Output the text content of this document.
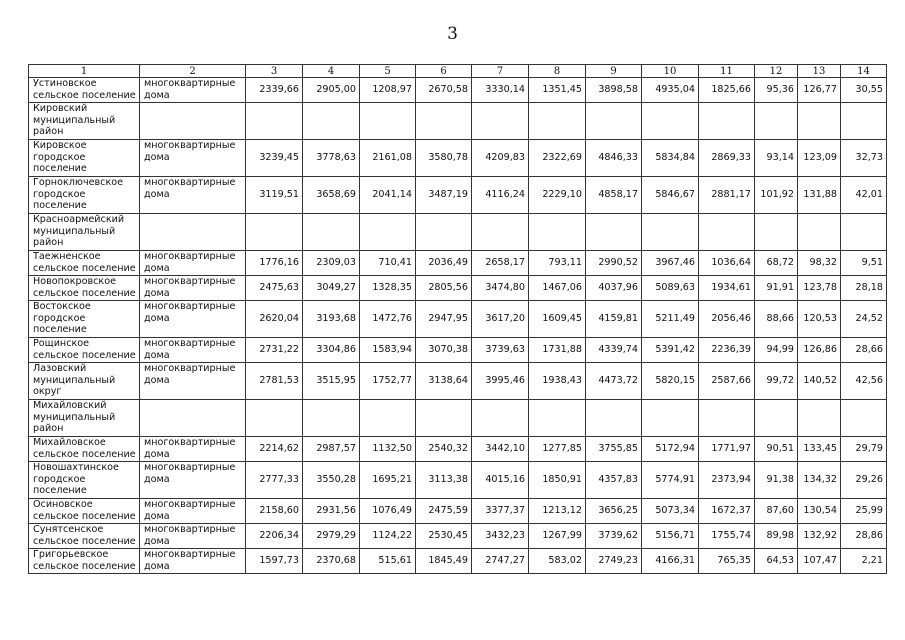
3
1	2	3	4	5	6	7	8	9	10	11	12	13	14
Устиновское
сельское поселение	многоквартирные
дома	2339,66	2905,00	1208,97	2670,58	3330,14	1351,45	3898,58	4935,04	1825,66	95,36	126,77	30,55
Кировский
муниципальный
район													
Кировское
городское
поселение	многоквартирные
дома	3239,45	3778,63	2161,08	3580,78	4209,83	2322,69	4846,33	5834,84	2869,33	93,14	123,09	32,73
Горноключевское
городское
поселение	многоквартирные
дома	3119,51	3658,69	2041,14	3487,19	4116,24	2229,10	4858,17	5846,67	2881,17	101,92	131,88	42,01
Красноармейский
муниципальный
район													
Таежненское
сельское поселение	многоквартирные
дома	1776,16	2309,03	710,41	2036,49	2658,17	793,11	2990,52	3967,46	1036,64	68,72	98,32	9,51
Новопокровское
сельское поселение	многоквартирные
дома	2475,63	3049,27	1328,35	2805,56	3474,80	1467,06	4037,96	5089,63	1934,61	91,91	123,78	28,18
Востокское
городское
поселение	многоквартирные
дома	2620,04	3193,68	1472,76	2947,95	3617,20	1609,45	4159,81	5211,49	2056,46	88,66	120,53	24,52
Рощинское
сельское поселение	многоквартирные
дома	2731,22	3304,86	1583,94	3070,38	3739,63	1731,88	4339,74	5391,42	2236,39	94,99	126,86	28,66
Лазовский
муниципальный
округ	многоквартирные
дома	2781,53	3515,95	1752,77	3138,64	3995,46	1938,43	4473,72	5820,15	2587,66	99,72	140,52	42,56
Михайловский
муниципальный
район													
Михайловское
сельское поселение	многоквартирные
дома	2214,62	2987,57	1132,50	2540,32	3442,10	1277,85	3755,85	5172,94	1771,97	90,51	133,45	29,79
Новошахтинское
городское
поселение	многоквартирные
дома	2777,33	3550,28	1695,21	3113,38	4015,16	1850,91	4357,83	5774,91	2373,94	91,38	134,32	29,26
Осиновское
сельское поселение	многоквартирные
дома	2158,60	2931,56	1076,49	2475,59	3377,37	1213,12	3656,25	5073,34	1672,37	87,60	130,54	25,99
Сунятсенское
сельское поселение	многоквартирные
дома	2206,34	2979,29	1124,22	2530,45	3432,23	1267,99	3739,62	5156,71	1755,74	89,98	132,92	28,86
Григорьевское
сельское поселение	многоквартирные
дома	1597,73	2370,68	515,61	1845,49	2747,27	583,02	2749,23	4166,31	765,35	64,53	107,47	2,21
